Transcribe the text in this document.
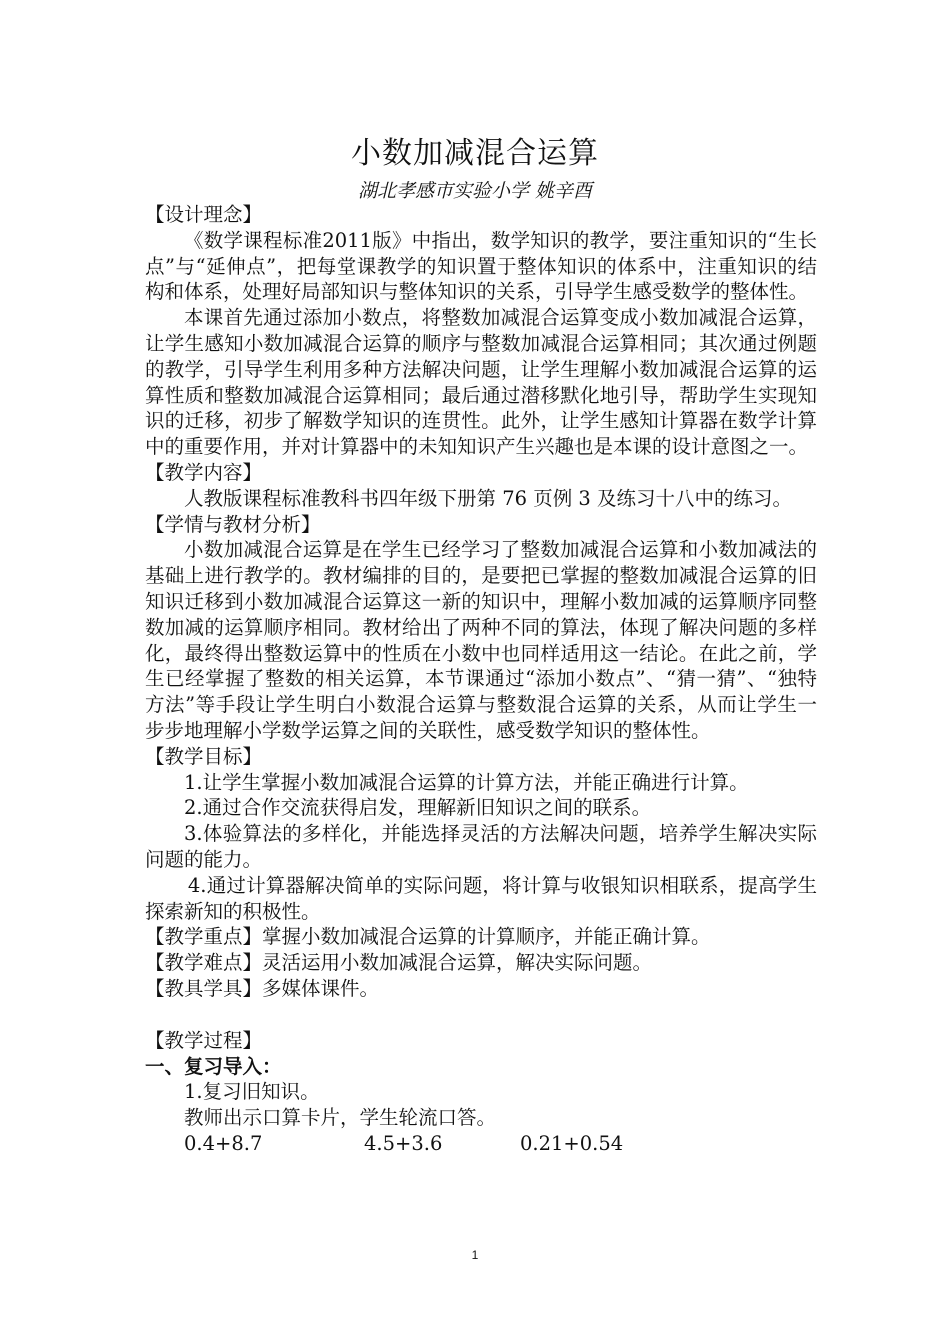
小数加减混合运算
湖北孝感市实验小学 姚辛酉

【设计理念】

《数学课程标准2011版》中指出，数学知识的教学，要注重知识的“生长点”与“延伸点”，把每堂课教学的知识置于整体知识的体系中，注重知识的结构和体系，处理好局部知识与整体知识的关系，引导学生感受数学的整体性。

本课首先通过添加小数点，将整数加减混合运算变成小数加减混合运算，让学生感知小数加减混合运算的顺序与整数加减混合运算相同；其次通过例题的教学，引导学生利用多种方法解决问题，让学生理解小数加减混合运算的运算性质和整数加减混合运算相同；最后通过潜移默化地引导，帮助学生实现知识的迁移，初步了解数学知识的连贯性。此外，让学生感知计算器在数学计算中的重要作用，并对计算器中的未知知识产生兴趣也是本课的设计意图之一。

【教学内容】

人教版课程标准教科书四年级下册第 76 页例 3 及练习十八中的练习。

【学情与教材分析】

小数加减混合运算是在学生已经学习了整数加减混合运算和小数加减法的基础上进行教学的。教材编排的目的，是要把已掌握的整数加减混合运算的旧知识迁移到小数加减混合运算这一新的知识中，理解小数加减的运算顺序同整数加减的运算顺序相同。教材给出了两种不同的算法，体现了解决问题的多样化，最终得出整数运算中的性质在小数中也同样适用这一结论。在此之前，学生已经掌握了整数的相关运算，本节课通过“添加小数点”、“猜一猜”、“独特方法”等手段让学生明白小数混合运算与整数混合运算的关系，从而让学生一步步地理解小学数学运算之间的关联性，感受数学知识的整体性。

【教学目标】

1.让学生掌握小数加减混合运算的计算方法，并能正确进行计算。

2.通过合作交流获得启发，理解新旧知识之间的联系。

3.体验算法的多样化，并能选择灵活的方法解决问题，培养学生解决实际问题的能力。

4.通过计算器解决简单的实际问题，将计算与收银知识相联系，提高学生探索新知的积极性。

【教学重点】掌握小数加减混合运算的计算顺序，并能正确计算。

【教学难点】灵活运用小数加减混合运算，解决实际问题。

【教具学具】多媒体课件。

【教学过程】

一、复习导入：

1.复习旧知识。

教师出示口算卡片，学生轮流口答。

0.4+8.7	4.5+3.6	0.21+0.54
1
